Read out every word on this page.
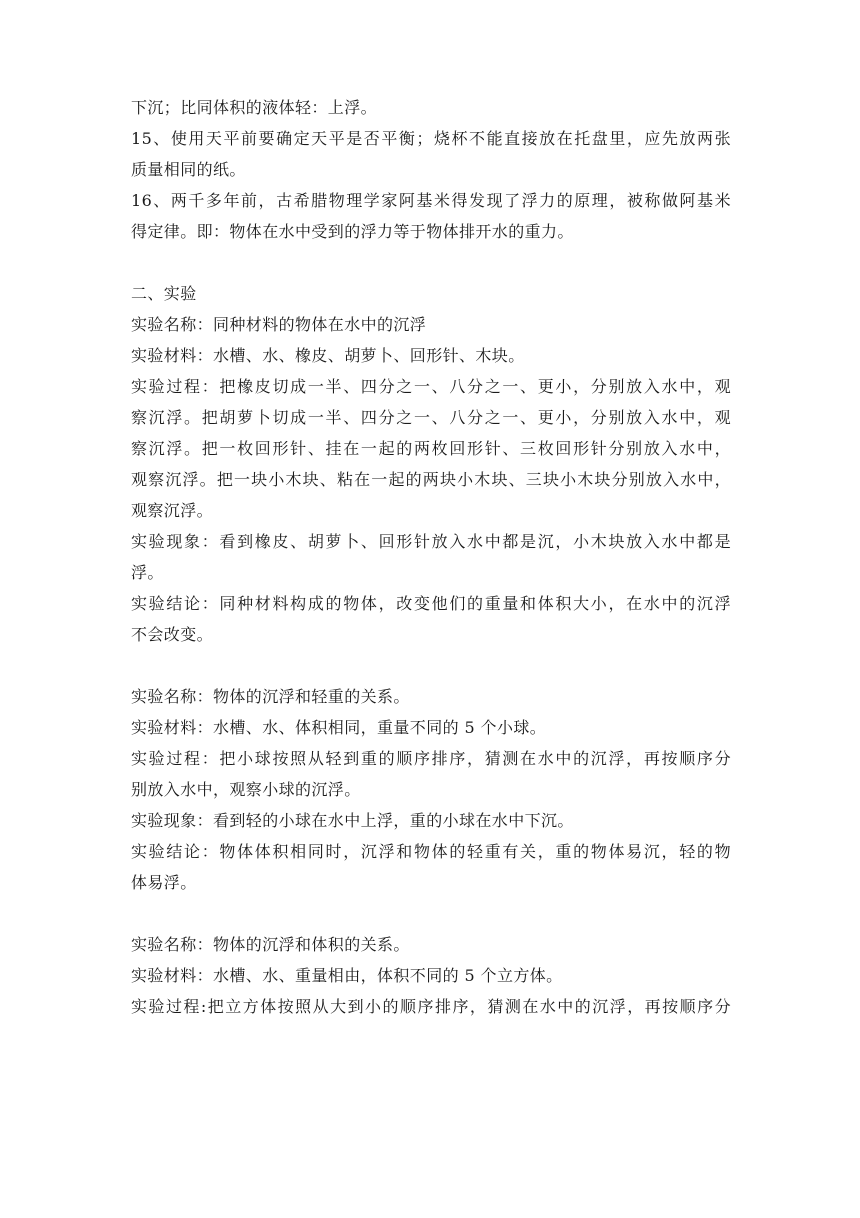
下沉；比同体积的液体轻：上浮。
15、使用天平前要确定天平是否平衡；烧杯不能直接放在托盘里，应先放两张
质量相同的纸。
16、两千多年前，古希腊物理学家阿基米得发现了浮力的原理，被称做阿基米
得定律。即：物体在水中受到的浮力等于物体排开水的重力。
二、实验
实验名称：同种材料的物体在水中的沉浮
实验材料：水槽、水、橡皮、胡萝卜、回形针、木块。
实验过程：把橡皮切成一半、四分之一、八分之一、更小，分别放入水中，观
察沉浮。把胡萝卜切成一半、四分之一、八分之一、更小，分别放入水中，观
察沉浮。把一枚回形针、挂在一起的两枚回形针、三枚回形针分别放入水中，
观察沉浮。把一块小木块、粘在一起的两块小木块、三块小木块分别放入水中，
观察沉浮。
实验现象：看到橡皮、胡萝卜、回形针放入水中都是沉，小木块放入水中都是
浮。
实验结论：同种材料构成的物体，改变他们的重量和体积大小，在水中的沉浮
不会改变。
实验名称：物体的沉浮和轻重的关系。
实验材料：水槽、水、体积相同，重量不同的 5 个小球。
实验过程：把小球按照从轻到重的顺序排序，猜测在水中的沉浮，再按顺序分
别放入水中，观察小球的沉浮。
实验现象：看到轻的小球在水中上浮，重的小球在水中下沉。
实验结论：物体体积相同时，沉浮和物体的轻重有关，重的物体易沉，轻的物
体易浮。
实验名称：物体的沉浮和体积的关系。
实验材料：水槽、水、重量相由，体积不同的 5 个立方体。
实验过程:把立方体按照从大到小的顺序排序，猜测在水中的沉浮，再按顺序分
